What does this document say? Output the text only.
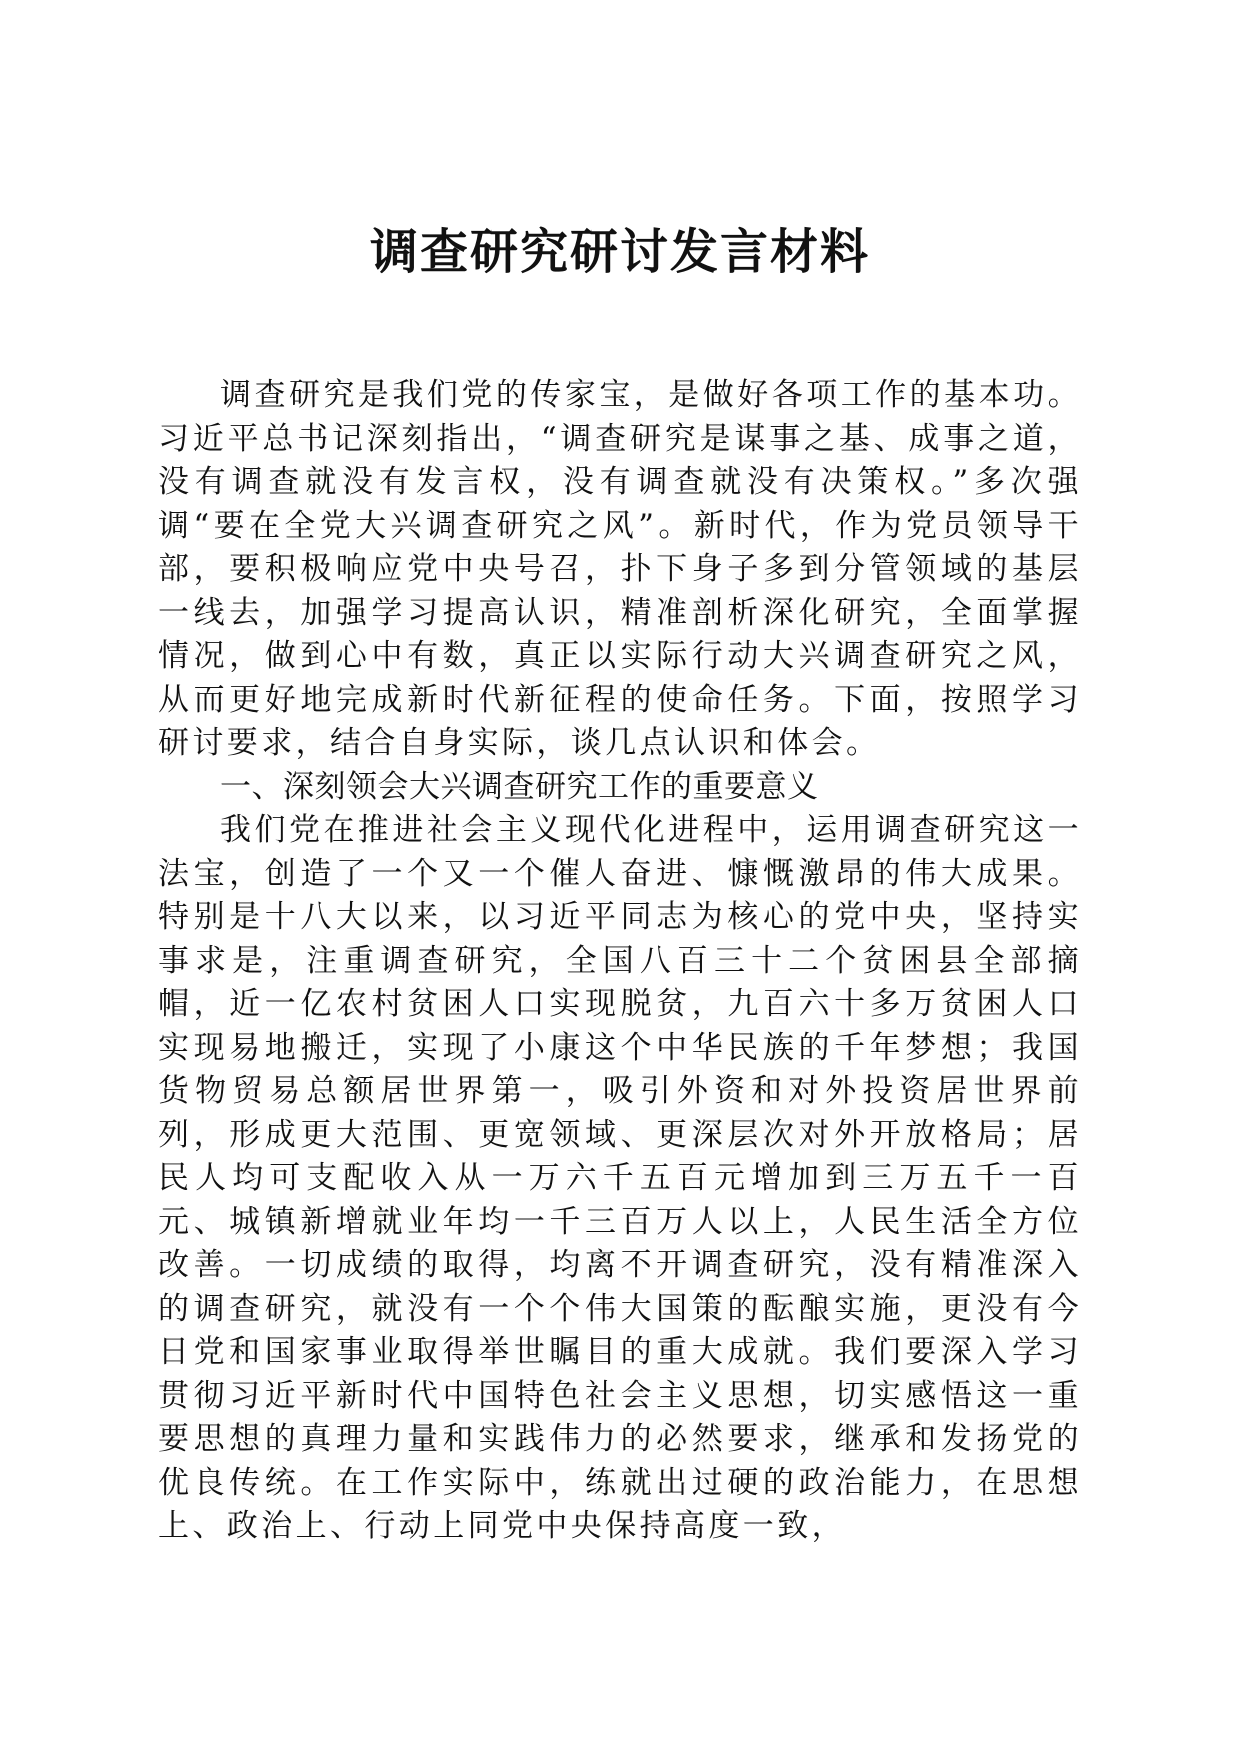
调查研究研讨发言材料

调查研究是我们党的传家宝，是做好各项工作的基本功。习近平总书记深刻指出，“调查研究是谋事之基、成事之道，没有调查就没有发言权，没有调查就没有决策权。”多次强调“要在全党大兴调查研究之风”。新时代，作为党员领导干部，要积极响应党中央号召，扑下身子多到分管领域的基层一线去，加强学习提高认识，精准剖析深化研究，全面掌握情况，做到心中有数，真正以实际行动大兴调查研究之风，从而更好地完成新时代新征程的使命任务。下面，按照学习研讨要求，结合自身实际，谈几点认识和体会。

一、深刻领会大兴调查研究工作的重要意义

我们党在推进社会主义现代化进程中，运用调查研究这一法宝，创造了一个又一个催人奋进、慷慨激昂的伟大成果。特别是十八大以来，以习近平同志为核心的党中央，坚持实事求是，注重调查研究，全国八百三十二个贫困县全部摘帽，近一亿农村贫困人口实现脱贫，九百六十多万贫困人口实现易地搬迁，实现了小康这个中华民族的千年梦想；我国货物贸易总额居世界第一，吸引外资和对外投资居世界前列，形成更大范围、更宽领域、更深层次对外开放格局；居民人均可支配收入从一万六千五百元增加到三万五千一百元、城镇新增就业年均一千三百万人以上，人民生活全方位改善。一切成绩的取得，均离不开调查研究，没有精准深入的调查研究，就没有一个个伟大国策的酝酿实施，更没有今日党和国家事业取得举世瞩目的重大成就。我们要深入学习贯彻习近平新时代中国特色社会主义思想，切实感悟这一重要思想的真理力量和实践伟力的必然要求，继承和发扬党的优良传统。在工作实际中，练就出过硬的政治能力，在思想上、政治上、行动上同党中央保持高度一致，
